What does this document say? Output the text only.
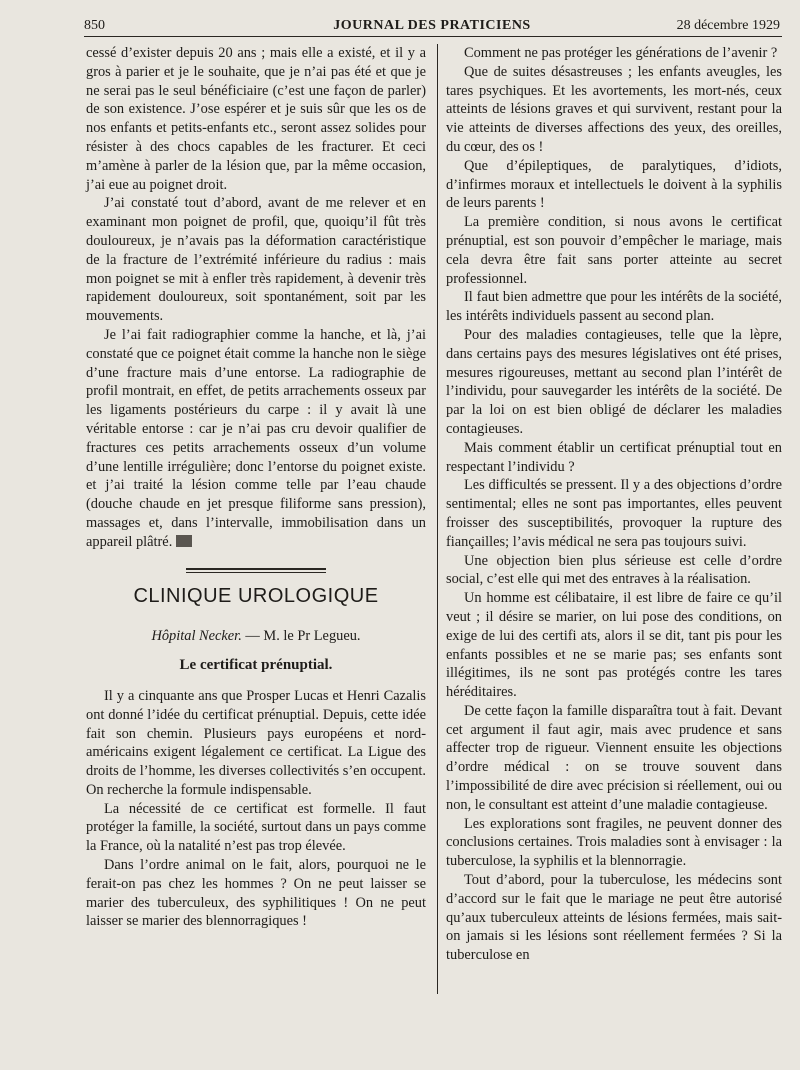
850	JOURNAL DES PRATICIENS	28 décembre 1929

cessé d’exister depuis 20 ans ; mais elle a existé, et il y a gros à parier et je le souhaite, que je n’ai pas été et que je ne serai pas le seul bénéficiaire (c’est une façon de parler) de son existence. J’ose espérer et je suis sûr que les os de nos enfants et petits-enfants etc., seront assez solides pour résister à des chocs capables de les fracturer. Et ceci m’amène à parler de la lésion que, par la même occasion, j’ai eue au poignet droit.

J’ai constaté tout d’abord, avant de me relever et en examinant mon poignet de profil, que, quoiqu’il fût très douloureux, je n’avais pas la déformation caractéristique de la fracture de l’extrémité inférieure du radius : mais mon poignet se mit à enfler très rapidement, à devenir très rapidement douloureux, soit spontanément, soit par les mouvements.

Je l’ai fait radiographier comme la hanche, et là, j’ai constaté que ce poignet était comme la hanche non le siège d’une fracture mais d’une entorse. La radiographie de profil montrait, en effet, de petits arrachements osseux par les ligaments postérieurs du carpe : il y avait là une véritable entorse : car je n’ai pas cru devoir qualifier de fractures ces petits arrachements osseux d’un volume d’une lentille irrégulière; donc l’entorse du poignet existe. et j’ai traité la lésion comme telle par l’eau chaude (douche chaude en jet presque filiforme sans pression), massages et, dans l’intervalle, immobilisation dans un appareil plâtré.

CLINIQUE UROLOGIQUE
Hôpital Necker. — M. le Pr Legueu.
Le certificat prénuptial.

Il y a cinquante ans que Prosper Lucas et Henri Cazalis ont donné l’idée du certificat prénuptial. Depuis, cette idée fait son chemin. Plusieurs pays européens et nord-américains exigent légalement ce certificat. La Ligue des droits de l’homme, les diverses collectivités s’en occupent. On recherche la formule indispensable.

La nécessité de ce certificat est formelle. Il faut protéger la famille, la société, surtout dans un pays comme la France, où la natalité n’est pas trop élevée.

Dans l’ordre animal on le fait, alors, pourquoi ne le ferait-on pas chez les hommes ? On ne peut laisser se marier des tuberculeux, des syphilitiques ! On ne peut laisser se marier des blennorragiques !

Comment ne pas protéger les générations de l’avenir ?

Que de suites désastreuses ; les enfants aveugles, les tares psychiques. Et les avortements, les mort-nés, ceux atteints de lésions graves et qui survivent, restant pour la vie atteints de diverses affections des yeux, des oreilles, du cœur, des os !

Que d’épileptiques, de paralytiques, d’idiots, d’infirmes moraux et intellectuels le doivent à la syphilis de leurs parents !

La première condition, si nous avons le certificat prénuptial, est son pouvoir d’empêcher le mariage, mais cela devra être fait sans porter atteinte au secret professionnel.

Il faut bien admettre que pour les intérêts de la société, les intérêts individuels passent au second plan.

Pour des maladies contagieuses, telle que la lèpre, dans certains pays des mesures législatives ont été prises, mesures rigoureuses, mettant au second plan l’intérêt de l’individu, pour sauvegarder les intérêts de la société. De par la loi on est bien obligé de déclarer les maladies contagieuses.

Mais comment établir un certificat prénuptial tout en respectant l’individu ?

Les difficultés se pressent. Il y a des objections d’ordre sentimental; elles ne sont pas importantes, elles peuvent froisser des susceptibilités, provoquer la rupture des fiançailles; l’avis médical ne sera pas toujours suivi.

Une objection bien plus sérieuse est celle d’ordre social, c’est elle qui met des entraves à la réalisation.

Un homme est célibataire, il est libre de faire ce qu’il veut ; il désire se marier, on lui pose des conditions, on exige de lui des certifi ats, alors il se dit, tant pis pour les enfants possibles et ne se marie pas; ses enfants sont illégitimes, ils ne sont pas protégés contre les tares héréditaires.

De cette façon la famille disparaîtra tout à fait. Devant cet argument il faut agir, mais avec prudence et sans affecter trop de rigueur. Viennent ensuite les objections d’ordre médical : on se trouve souvent dans l’impossibilité de dire avec précision si réellement, oui ou non, le consultant est atteint d’une maladie contagieuse.

Les explorations sont fragiles, ne peuvent donner des conclusions certaines. Trois maladies sont à envisager : la tuberculose, la syphilis et la blennorragie.

Tout d’abord, pour la tuberculose, les médecins sont d’accord sur le fait que le mariage ne peut être autorisé qu’aux tuberculeux atteints de lésions fermées, mais sait-on jamais si les lésions sont réellement fermées ? Si la tuberculose en
